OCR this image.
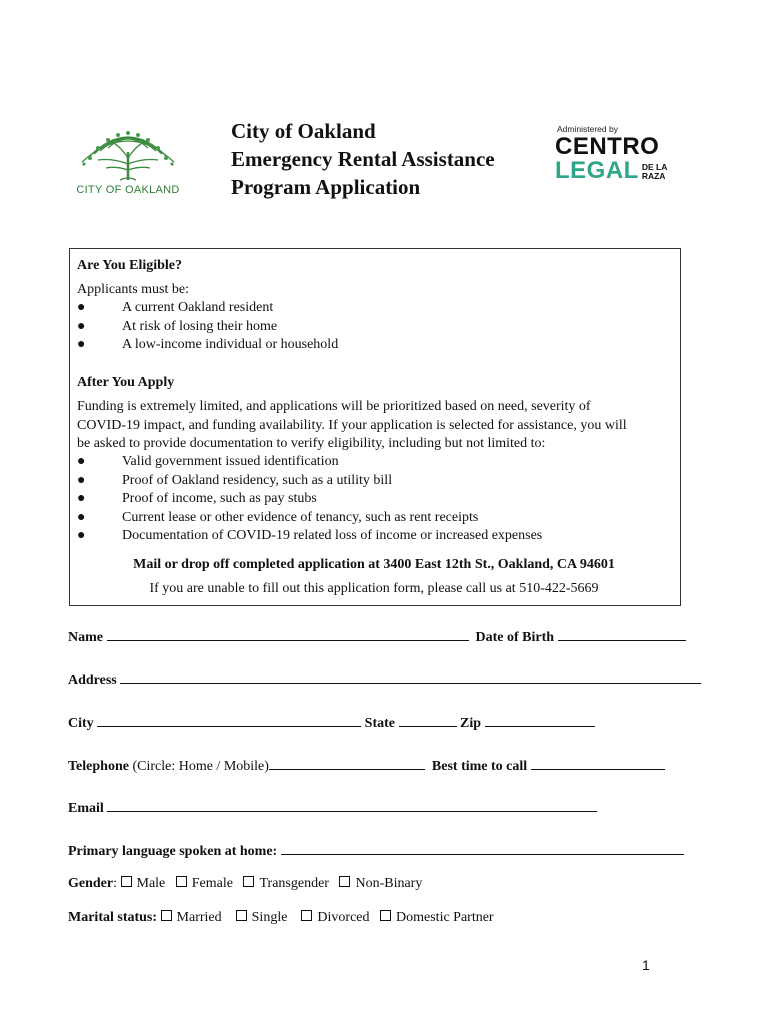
CITY OF OAKLAND
City of Oakland
Emergency Rental Assistance
Program Application
Administered by
CENTRO
LEGAL DE LA
RAZA
Are You Eligible?
Applicants must be:
●	A current Oakland resident
●	At risk of losing their home
●	A low-income individual or household
After You Apply
Funding is extremely limited, and applications will be prioritized based on need, severity of
COVID-19 impact, and funding availability. If your application is selected for assistance, you will
be asked to provide documentation to verify eligibility, including but not limited to:
●	Valid government issued identification
●	Proof of Oakland residency, such as a utility bill
●	Proof of income, such as pay stubs
●	Current lease or other evidence of tenancy, such as rent receipts
●	Documentation of COVID-19 related loss of income or increased expenses
Mail or drop off completed application at 3400 East 12th St., Oakland, CA 94601
If you are unable to fill out this application form, please call us at 510-422-5669
Name	Date of Birth
Address
City	State	Zip
Telephone (Circle: Home / Mobile)	Best time to call
Email
Primary language spoken at home:
Gender: Male Female Transgender Non-Binary
Marital status: Married Single Divorced Domestic Partner
1
